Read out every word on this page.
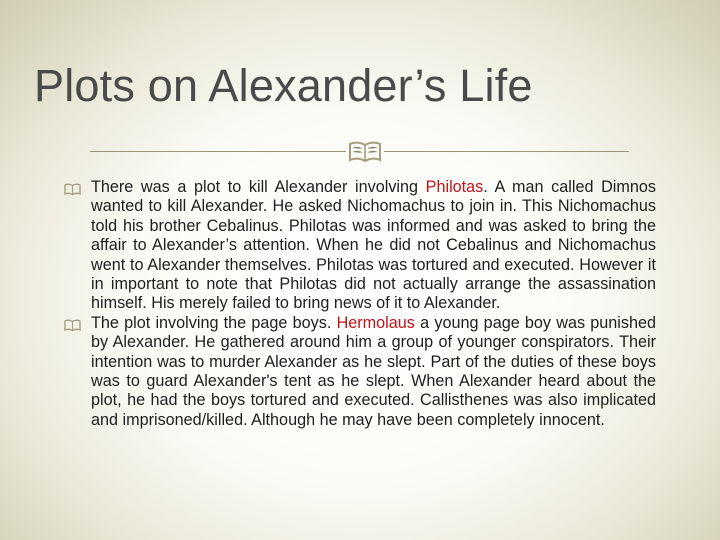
Plots on Alexander’s Life
There was a plot to kill Alexander involving Philotas. A man called Dimnos wanted to kill Alexander. He asked Nichomachus to join in. This Nichomachus told his brother Cebalinus. Philotas was informed and was asked to bring the affair to Alexander’s attention. When he did not Cebalinus and Nichomachus went to Alexander themselves. Philotas was tortured and executed. However it in important to note that Philotas did not actually arrange the assassination himself. His merely failed to bring news of it to Alexander.
The plot involving the page boys. Hermolaus a young page boy was punished by Alexander. He gathered around him a group of younger conspirators. Their intention was to murder Alexander as he slept. Part of the duties of these boys was to guard Alexander's tent as he slept. When Alexander heard about the plot, he had the boys tortured and executed. Callisthenes was also implicated and imprisoned/killed. Although he may have been completely innocent.
